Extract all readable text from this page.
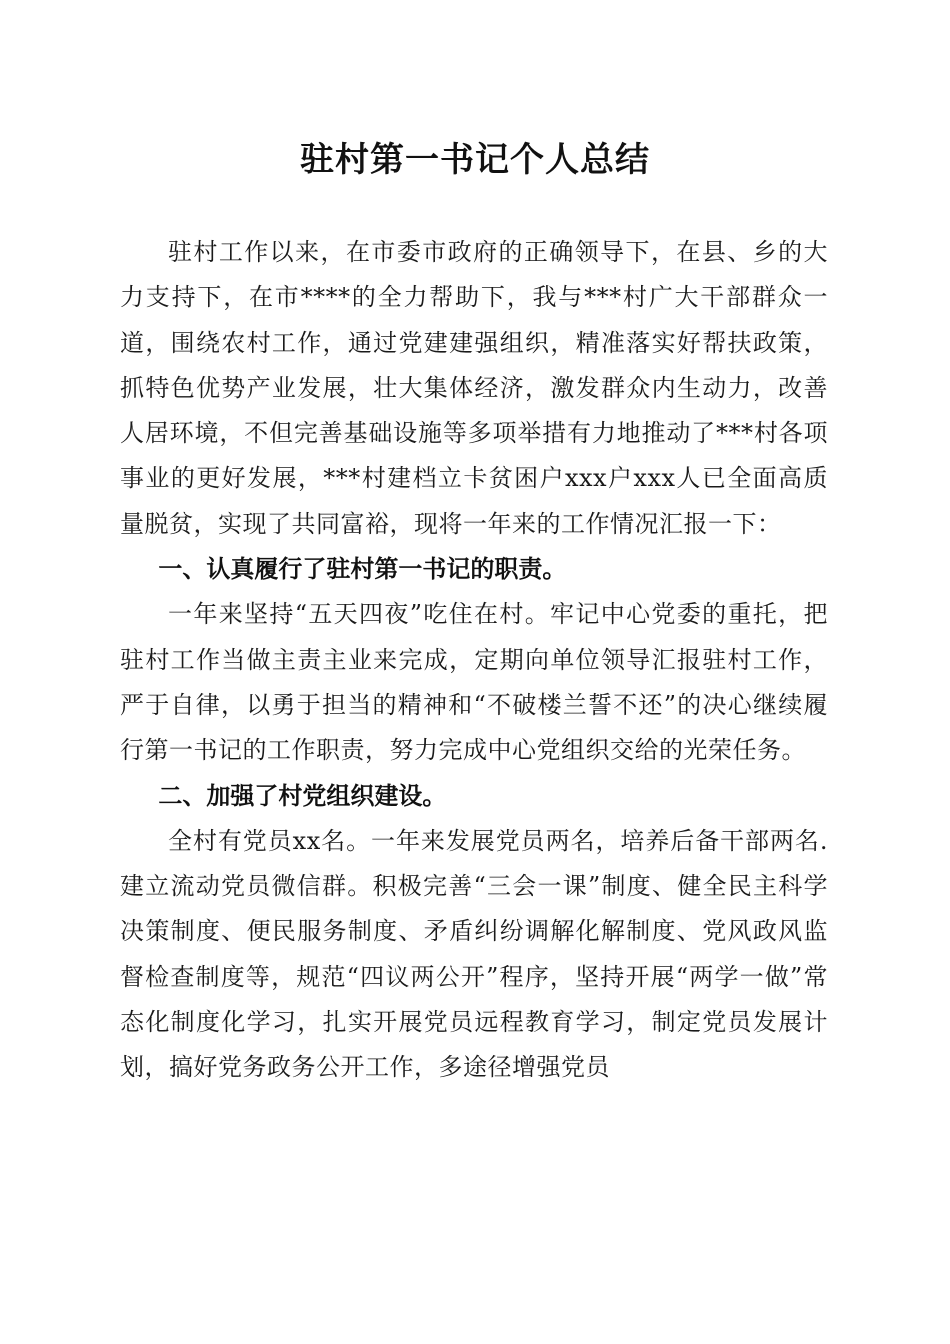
驻村第一书记个人总结

驻村工作以来，在市委市政府的正确领导下，在县、乡的大力支持下，在市****的全力帮助下，我与***村广大干部群众一道，围绕农村工作，通过党建建强组织，精准落实好帮扶政策，抓特色优势产业发展，壮大集体经济，激发群众内生动力，改善人居环境，不但完善基础设施等多项举措有力地推动了***村各项事业的更好发展，***村建档立卡贫困户xxx户xxx人已全面高质量脱贫，实现了共同富裕，现将一年来的工作情况汇报一下：

一、认真履行了驻村第一书记的职责。

一年来坚持“五天四夜”吃住在村。牢记中心党委的重托，把驻村工作当做主责主业来完成，定期向单位领导汇报驻村工作，严于自律，以勇于担当的精神和“不破楼兰誓不还”的决心继续履行第一书记的工作职责，努力完成中心党组织交给的光荣任务。

二、加强了村党组织建设。

全村有党员xx名。一年来发展党员两名，培养后备干部两名.建立流动党员微信群。积极完善“三会一课”制度、健全民主科学决策制度、便民服务制度、矛盾纠纷调解化解制度、党风政风监督检查制度等，规范“四议两公开”程序，坚持开展“两学一做”常态化制度化学习，扎实开展党员远程教育学习，制定党员发展计划，搞好党务政务公开工作，多途径增强党员
